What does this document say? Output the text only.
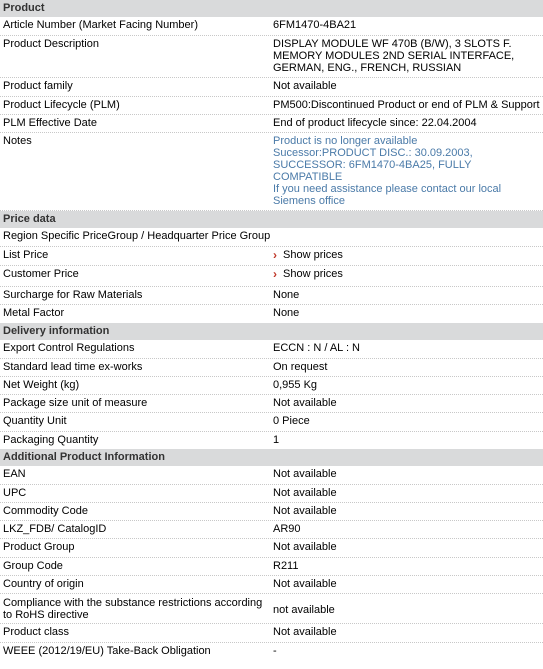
Product
Article Number (Market Facing Number)	6FM1470-4BA21
Product Description	DISPLAY MODULE WF 470B (B/W), 3 SLOTS F. MEMORY MODULES 2ND SERIAL INTERFACE, GERMAN, ENG., FRENCH, RUSSIAN
Product family	Not available
Product Lifecycle (PLM)	PM500:Discontinued Product or end of PLM & Support
PLM Effective Date	End of product lifecycle since: 22.04.2004
Notes	Product is no longer available
Sucessor:PRODUCT DISC.: 30.09.2003, SUCCESSOR: 6FM1470-4BA25, FULLY COMPATIBLE
If you need assistance please contact our local Siemens office
Price data
Region Specific PriceGroup / Headquarter Price Group
List Price	› Show prices
Customer Price	› Show prices
Surcharge for Raw Materials	None
Metal Factor	None
Delivery information
Export Control Regulations	ECCN : N / AL : N
Standard lead time ex-works	On request
Net Weight (kg)	0,955 Kg
Package size unit of measure	Not available
Quantity Unit	0 Piece
Packaging Quantity	1
Additional Product Information
EAN	Not available
UPC	Not available
Commodity Code	Not available
LKZ_FDB/ CatalogID	AR90
Product Group	Not available
Group Code	R211
Country of origin	Not available
Compliance with the substance restrictions according to RoHS directive	not available
Product class	Not available
WEEE (2012/19/EU) Take-Back Obligation	-
